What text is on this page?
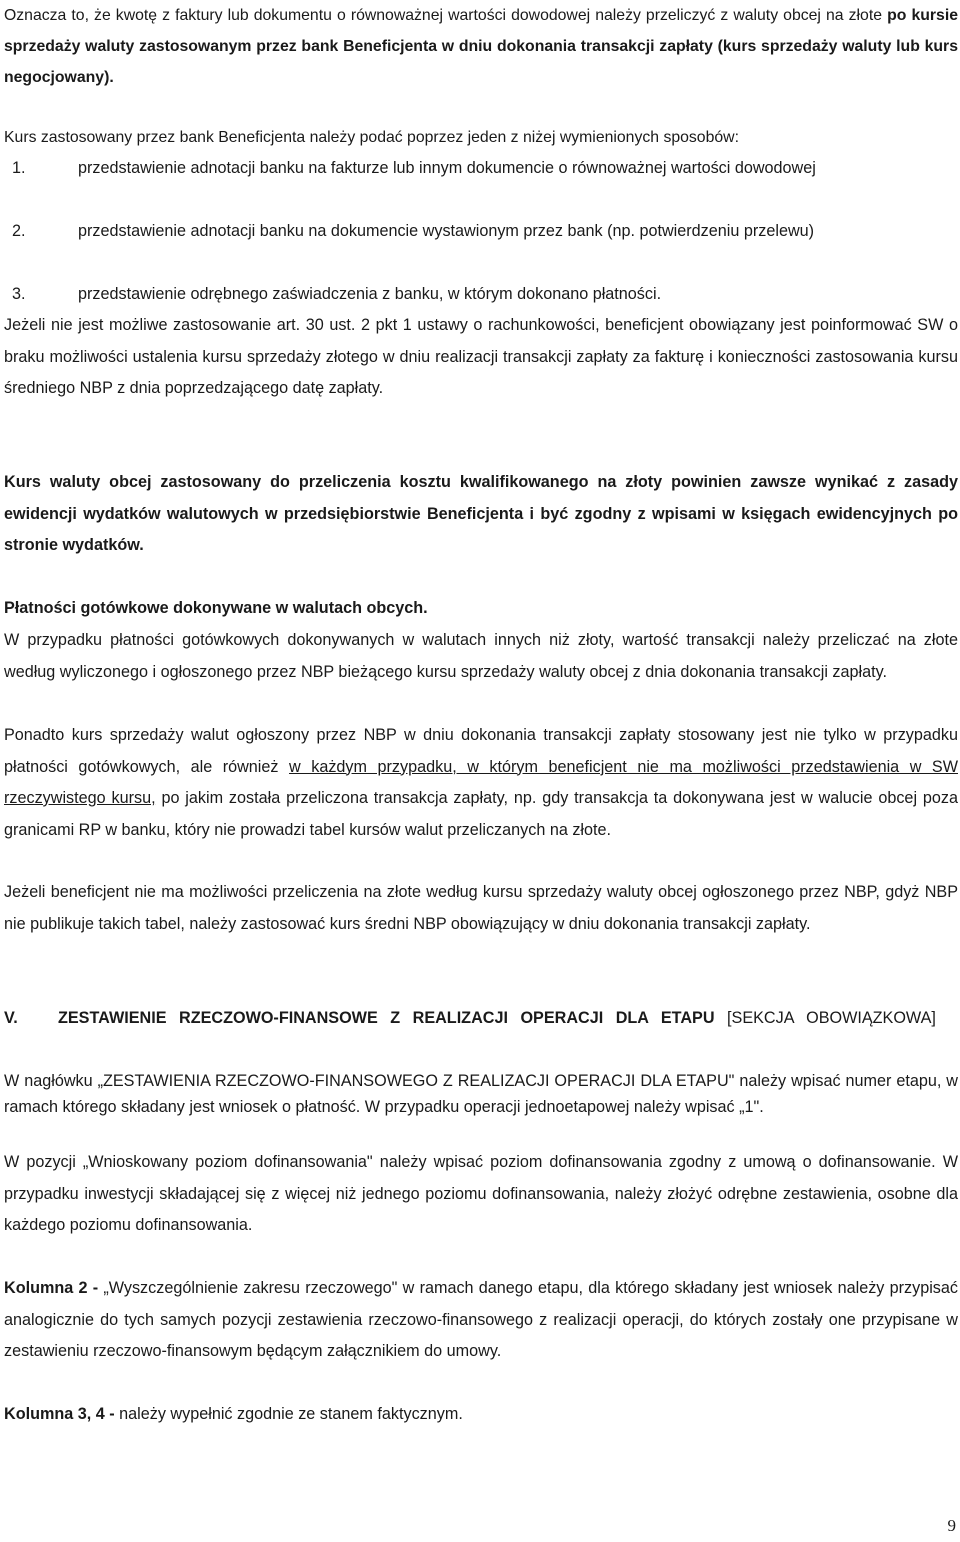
Oznacza to, że kwotę z faktury lub dokumentu o równoważnej wartości dowodowej należy przeliczyć z waluty obcej na złote po kursie sprzedaży waluty zastosowanym przez bank Beneficjenta w dniu dokonania transakcji zapłaty (kurs sprzedaży waluty lub kurs negocjowany).
Kurs zastosowany przez bank Beneficjenta należy podać poprzez jeden z niżej wymienionych sposobów:
1.	przedstawienie adnotacji banku na fakturze lub innym dokumencie o równoważnej wartości dowodowej
2.	przedstawienie adnotacji banku na dokumencie wystawionym przez bank (np. potwierdzeniu przelewu)
3.	przedstawienie odrębnego zaświadczenia z banku, w którym dokonano płatności.
Jeżeli nie jest możliwe zastosowanie art. 30 ust. 2 pkt 1 ustawy o rachunkowości, beneficjent obowiązany jest poinformować SW o braku możliwości ustalenia kursu sprzedaży złotego w dniu realizacji transakcji zapłaty za fakturę i konieczności zastosowania kursu średniego NBP z dnia poprzedzającego datę zapłaty.
Kurs waluty obcej zastosowany do przeliczenia kosztu kwalifikowanego na złoty powinien zawsze wynikać z zasady ewidencji wydatków walutowych w przedsiębiorstwie Beneficjenta i być zgodny z wpisami w księgach ewidencyjnych po stronie wydatków.
Płatności gotówkowe dokonywane w walutach obcych.
W przypadku płatności gotówkowych dokonywanych w walutach innych niż złoty, wartość transakcji należy przeliczać na złote według wyliczonego i ogłoszonego przez NBP bieżącego kursu sprzedaży waluty obcej z dnia dokonania transakcji zapłaty.
Ponadto kurs sprzedaży walut ogłoszony przez NBP w dniu dokonania transakcji zapłaty stosowany jest nie tylko w przypadku płatności gotówkowych, ale również w każdym przypadku, w którym beneficjent nie ma możliwości przedstawienia w SW rzeczywistego kursu, po jakim została przeliczona transakcja zapłaty, np. gdy transakcja ta dokonywana jest w walucie obcej poza granicami RP w banku, który nie prowadzi tabel kursów walut przeliczanych na złote.
Jeżeli beneficjent nie ma możliwości przeliczenia na złote według kursu sprzedaży waluty obcej ogłoszonego przez NBP, gdyż NBP nie publikuje takich tabel, należy zastosować kurs średni NBP obowiązujący w dniu dokonania transakcji zapłaty.
V.	ZESTAWIENIE RZECZOWO-FINANSOWE Z REALIZACJI OPERACJI DLA ETAPU [SEKCJA OBOWIĄZKOWA]
W nagłówku „ZESTAWIENIA RZECZOWO-FINANSOWEGO Z REALIZACJI OPERACJI DLA ETAPU" należy wpisać numer etapu, w ramach którego składany jest wniosek o płatność. W przypadku operacji jednoetapowej należy wpisać „1".
W pozycji „Wnioskowany poziom dofinansowania" należy wpisać poziom dofinansowania zgodny z umową o dofinansowanie. W przypadku inwestycji składającej się z więcej niż jednego poziomu dofinansowania, należy złożyć odrębne zestawienia, osobne dla każdego poziomu dofinansowania.
Kolumna 2 - „Wyszczególnienie zakresu rzeczowego" w ramach danego etapu, dla którego składany jest wniosek należy przypisać analogicznie do tych samych pozycji zestawienia rzeczowo-finansowego z realizacji operacji, do których zostały one przypisane w zestawieniu rzeczowo-finansowym będącym załącznikiem do umowy.
Kolumna 3, 4 - należy wypełnić zgodnie ze stanem faktycznym.
9
